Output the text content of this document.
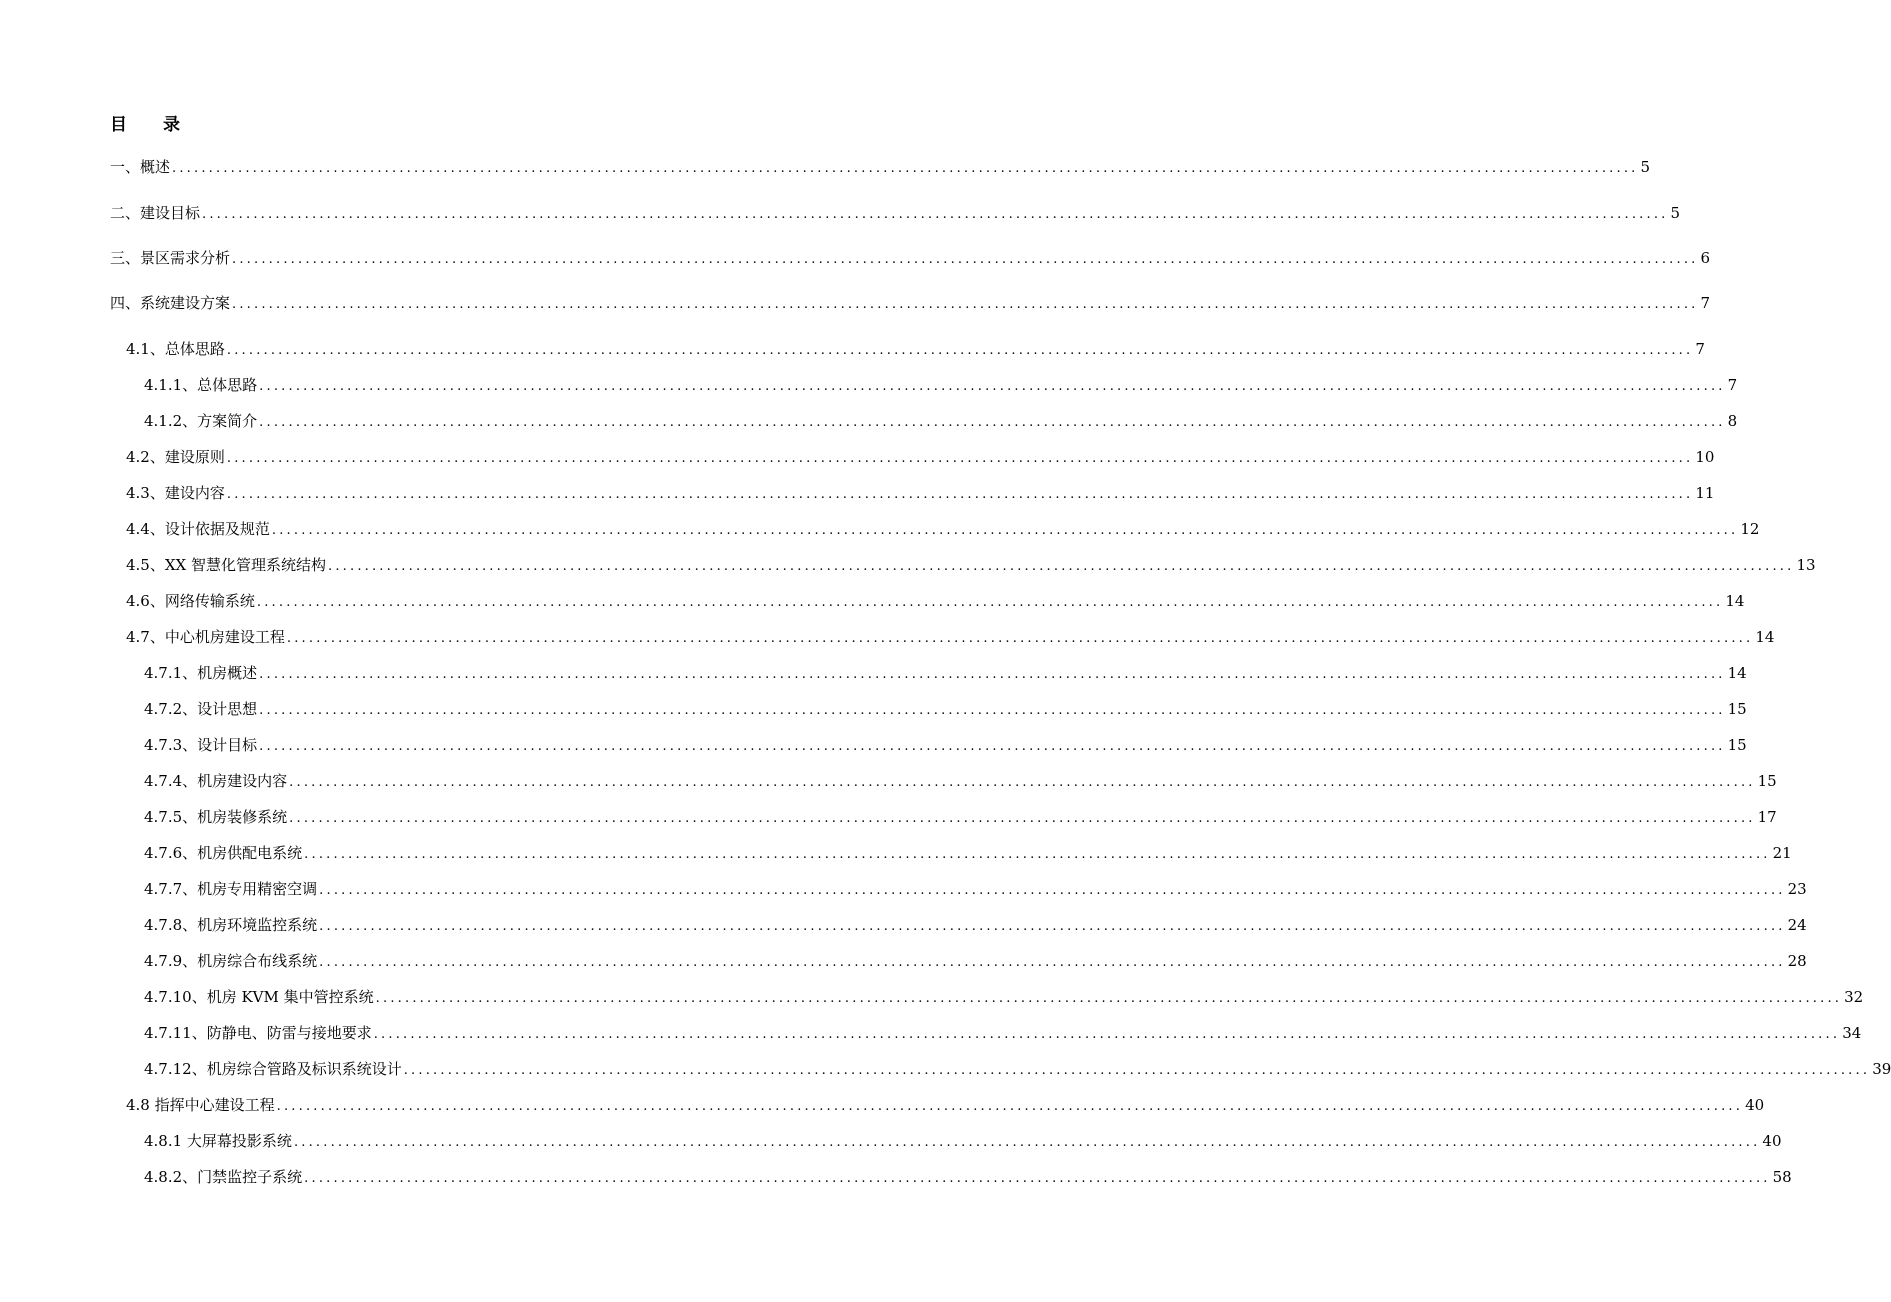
目 录
一、概述 ........................................................................................................................................................................................................ 5
二、建设目标 ........................................................................................................................................................................................................ 5
三、景区需求分析 ........................................................................................................................................................................................................ 6
四、系统建设方案 ........................................................................................................................................................................................................ 7
4.1、总体思路 ........................................................................................................................................................................................................ 7
4.1.1、总体思路 ........................................................................................................................................................................................................ 7
4.1.2、方案简介 ........................................................................................................................................................................................................ 8
4.2、建设原则 ........................................................................................................................................................................................................ 10
4.3、建设内容 ........................................................................................................................................................................................................ 11
4.4、设计依据及规范 ........................................................................................................................................................................................................ 12
4.5、XX 智慧化管理系统结构 ........................................................................................................................................................................................................ 13
4.6、网络传输系统 ........................................................................................................................................................................................................ 14
4.7、中心机房建设工程 ........................................................................................................................................................................................................ 14
4.7.1、机房概述 ........................................................................................................................................................................................................ 14
4.7.2、设计思想 ........................................................................................................................................................................................................ 15
4.7.3、设计目标 ........................................................................................................................................................................................................ 15
4.7.4、机房建设内容 ........................................................................................................................................................................................................ 15
4.7.5、机房装修系统 ........................................................................................................................................................................................................ 17
4.7.6、机房供配电系统 ........................................................................................................................................................................................................ 21
4.7.7、机房专用精密空调 ........................................................................................................................................................................................................ 23
4.7.8、机房环境监控系统 ........................................................................................................................................................................................................ 24
4.7.9、机房综合布线系统 ........................................................................................................................................................................................................ 28
4.7.10、机房 KVM 集中管控系统 ........................................................................................................................................................................................................ 32
4.7.11、防静电、防雷与接地要求 ........................................................................................................................................................................................................ 34
4.7.12、机房综合管路及标识系统设计 ........................................................................................................................................................................................................ 39
4.8 指挥中心建设工程 ........................................................................................................................................................................................................ 40
4.8.1 大屏幕投影系统 ........................................................................................................................................................................................................ 40
4.8.2、门禁监控子系统 ........................................................................................................................................................................................................ 58
